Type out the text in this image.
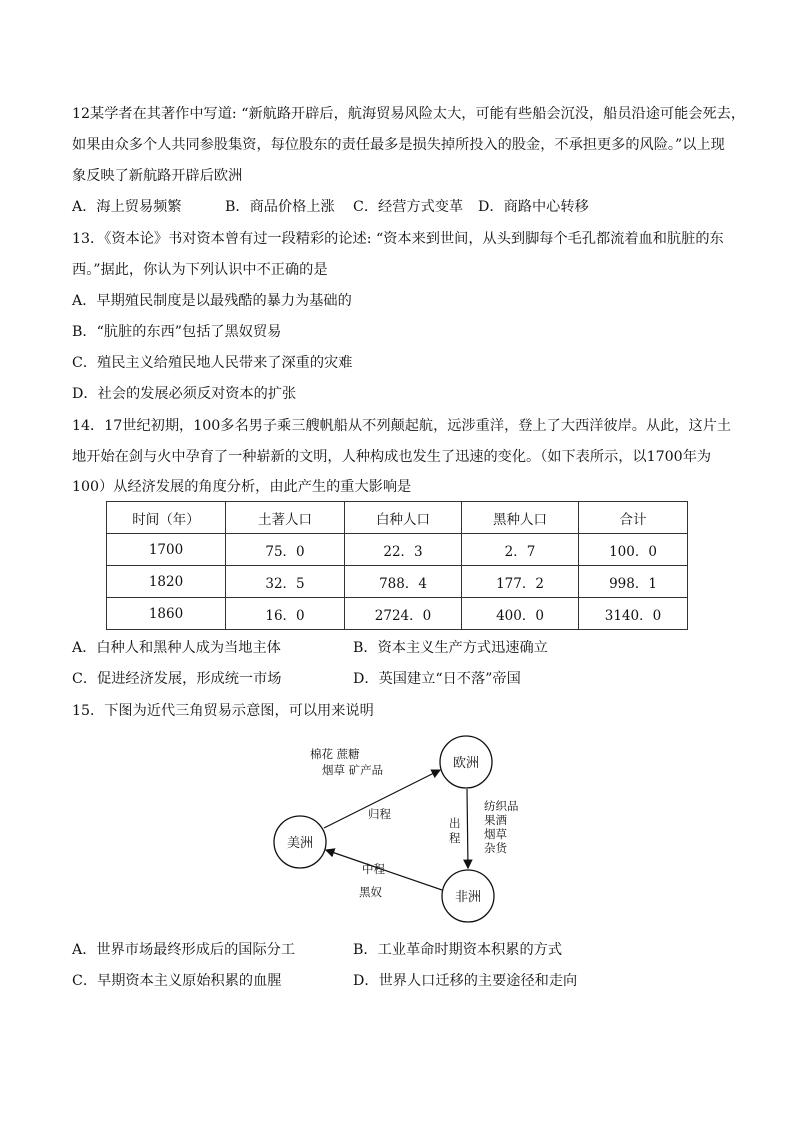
12某学者在其著作中写道: “新航路开辟后，航海贸易风险太大，可能有些船会沉没，船员沿途可能会死去，
如果由众多个人共同参股集资，每位股东的责任最多是损失掉所投入的股金，不承担更多的风险。”以上现
象反映了新航路开辟后欧洲
A．海上贸易频繁	B．商品价格上涨 C．经营方式变革 D．商路中心转移
13．《资本论》书对资本曾有过一段精彩的论述: “资本来到世间，从头到脚每个毛孔都流着血和肮脏的东
西。”据此，你认为下列认识中不正确的是
A．早期殖民制度是以最残酷的暴力为基础的
B．“肮脏的东西”包括了黑奴贸易
C．殖民主义给殖民地人民带来了深重的灾难
D．社会的发展必须反对资本的扩张
14．17世纪初期，100多名男子乘三艘帆船从不列颠起航，远涉重洋，登上了大西洋彼岸。从此，这片土
地开始在剑与火中孕育了一种崭新的文明，人种构成也发生了迅速的变化。（如下表所示，以1700年为
100）从经济发展的角度分析，由此产生的重大影响是
时间（年）	土著人口	白种人口	黑种人口	合计
1700	75．0	22．3	2．7	100．0
1820	32．5	788．4	177．2	998．1
1860	16．0	2724．0	400．0	3140．0
A．白种人和黑种人成为当地主体	B．资本主义生产方式迅速确立
C．促进经济发展，形成统一市场	D．英国建立“日不落”帝国
15．下图为近代三角贸易示意图，可以用来说明
欧洲
美洲
非洲
棉花 蔗糖
烟草 矿产品
归程
出
程
纺织品
果酒
烟草
杂货
中程
黑奴
A．世界市场最终形成后的国际分工	B．工业革命时期资本积累的方式
C．早期资本主义原始积累的血腥	D．世界人口迁移的主要途径和走向
